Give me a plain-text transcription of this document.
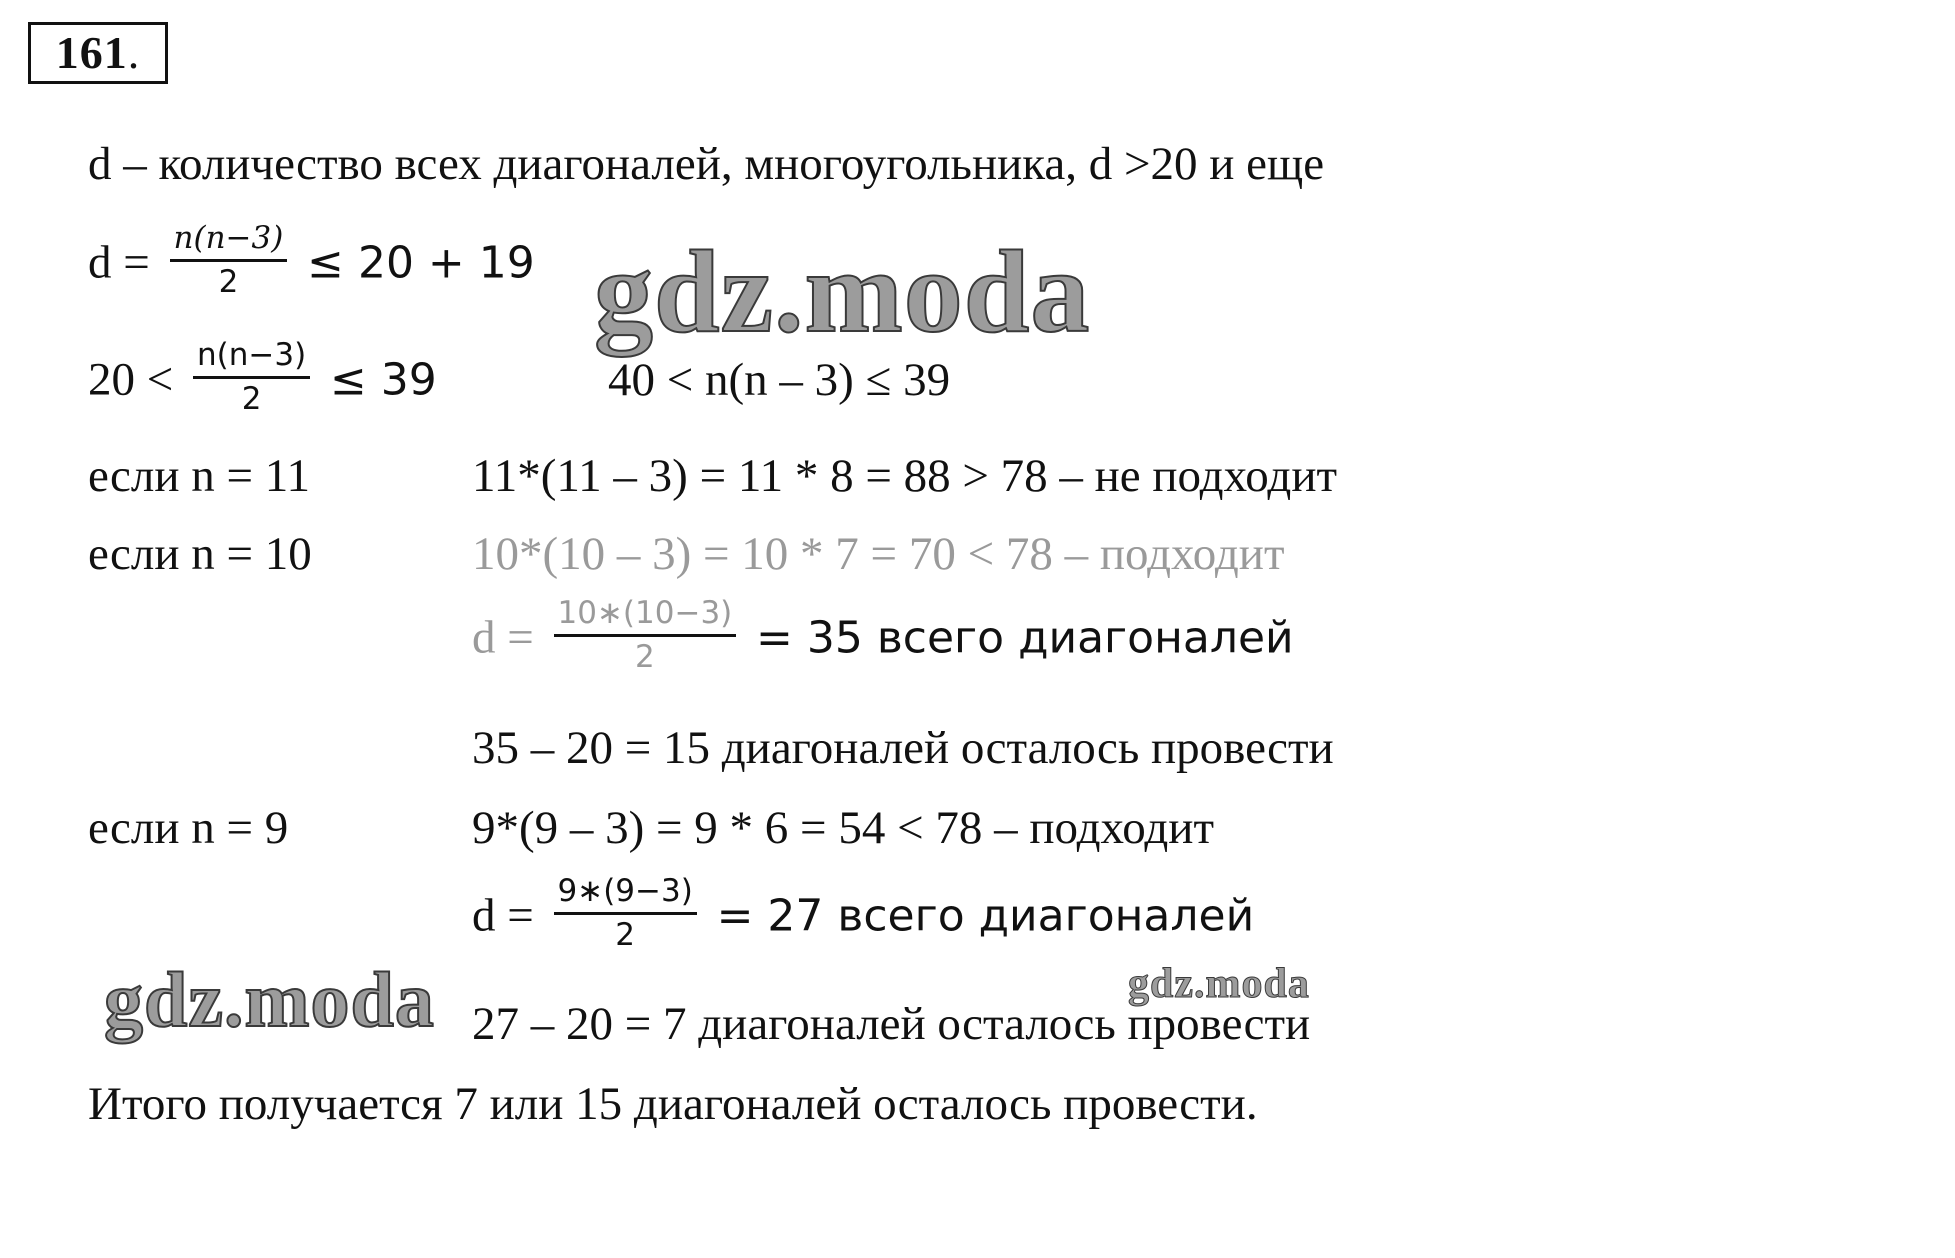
161.
d – количество всех диагоналей, многоугольника, d >20 и еще
$d = \frac{n(n-3)}{2} \le 20 + 19$
$20 < \frac{n(n-3)}{2} \le 39$	40 < n(n – 3) ≤ 39
если n = 11	11*(11 – 3) = 11 * 8 = 88 > 78 – не подходит
если n = 10	10*(10 – 3) = 10 * 7 = 70 < 78 – подходит
$d = \frac{10∗(10-3)}{2} = 35$ всего диагоналей
35 – 20 = 15 диагоналей осталось провести
если n = 9	9*(9 – 3) = 9 * 6 = 54 < 78 – подходит
$d = \frac{9∗(9-3)}{2} = 27$ всего диагоналей
27 – 20 = 7 диагоналей осталось провести
Итого получается 7 или 15 диагоналей осталось провести.
gdz.moda
gdz.moda	gdz.moda
